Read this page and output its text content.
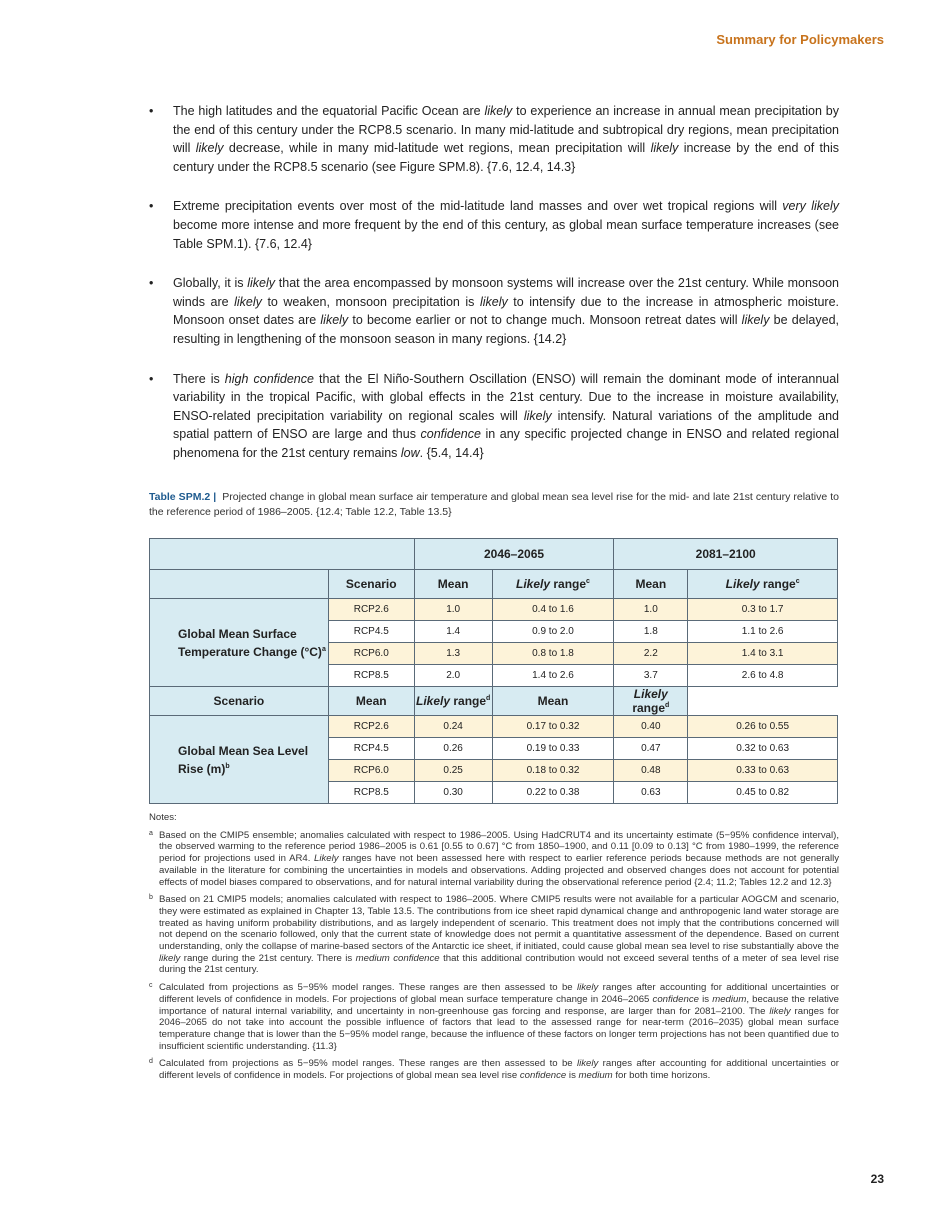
Summary for Policymakers
• The high latitudes and the equatorial Pacific Ocean are likely to experience an increase in annual mean precipitation by the end of this century under the RCP8.5 scenario. In many mid-latitude and subtropical dry regions, mean precipitation will likely decrease, while in many mid-latitude wet regions, mean precipitation will likely increase by the end of this century under the RCP8.5 scenario (see Figure SPM.8). {7.6, 12.4, 14.3}
• Extreme precipitation events over most of the mid-latitude land masses and over wet tropical regions will very likely become more intense and more frequent by the end of this century, as global mean surface temperature increases (see Table SPM.1). {7.6, 12.4}
• Globally, it is likely that the area encompassed by monsoon systems will increase over the 21st century. While monsoon winds are likely to weaken, monsoon precipitation is likely to intensify due to the increase in atmospheric moisture. Monsoon onset dates are likely to become earlier or not to change much. Monsoon retreat dates will likely be delayed, resulting in lengthening of the monsoon season in many regions. {14.2}
• There is high confidence that the El Niño-Southern Oscillation (ENSO) will remain the dominant mode of interannual variability in the tropical Pacific, with global effects in the 21st century. Due to the increase in moisture availability, ENSO-related precipitation variability on regional scales will likely intensify. Natural variations of the amplitude and spatial pattern of ENSO are large and thus confidence in any specific projected change in ENSO and related regional phenomena for the 21st century remains low. {5.4, 14.4}
Table SPM.2 | Projected change in global mean surface air temperature and global mean sea level rise for the mid- and late 21st century relative to the reference period of 1986–2005. {12.4; Table 12.2, Table 13.5}
		2046–2065		2081–2100	
	Scenario	Mean	Likely range$^c$	Mean	Likely range$^c$
Global Mean Surface
Temperature Change $(^\circ C)^a$	RCP2.6	1.0	0.4 to 1.6	1.0	0.3 to 1.7
	RCP4.5	1.4	0.9 to 2.0	1.8	1.1 to 2.6
	RCP6.0	1.3	0.8 to 1.8	2.2	1.4 to 3.1
	RCP8.5	2.0	1.4 to 2.6	3.7	2.6 to 4.8
Scenario	Mean	Likely range$^d$	Mean	Likely range$^d$
Global Mean Sea Level
Rise $(m)^b$	RCP2.6	0.24	0.17 to 0.32	0.40	0.26 to 0.55
	RCP4.5	0.26	0.19 to 0.33	0.47	0.32 to 0.63
	RCP6.0	0.25	0.18 to 0.32	0.48	0.33 to 0.63
	RCP8.5	0.30	0.22 to 0.38	0.63	0.45 to 0.82
Notes:
a Based on the CMIP5 ensemble; anomalies calculated with respect to 1986–2005. Using HadCRUT4 and its uncertainty estimate (5−95% confidence interval), the observed warming to the reference period 1986–2005 is 0.61 [0.55 to 0.67] °C from 1850–1900, and 0.11 [0.09 to 0.13] °C from 1980–1999, the reference period for projections used in AR4. Likely ranges have not been assessed here with respect to earlier reference periods because methods are not generally available in the literature for combining the uncertainties in models and observations. Adding projected and observed changes does not account for potential effects of model biases compared to observations, and for natural internal variability during the observational reference period {2.4; 11.2; Tables 12.2 and 12.3}
b Based on 21 CMIP5 models; anomalies calculated with respect to 1986–2005. Where CMIP5 results were not available for a particular AOGCM and scenario, they were estimated as explained in Chapter 13, Table 13.5. The contributions from ice sheet rapid dynamical change and anthropogenic land water storage are treated as having uniform probability distributions, and as largely independent of scenario. This treatment does not imply that the contributions concerned will not depend on the scenario followed, only that the current state of knowledge does not permit a quantitative assessment of the dependence. Based on current understanding, only the collapse of marine-based sectors of the Antarctic ice sheet, if initiated, could cause global mean sea level to rise substantially above the likely range during the 21st century. There is medium confidence that this additional contribution would not exceed several tenths of a meter of sea level rise during the 21st century.
c Calculated from projections as 5−95% model ranges. These ranges are then assessed to be likely ranges after accounting for additional uncertainties or different levels of confidence in models. For projections of global mean surface temperature change in 2046–2065 confidence is medium, because the relative importance of natural internal variability, and uncertainty in non-greenhouse gas forcing and response, are larger than for 2081–2100. The likely ranges for 2046–2065 do not take into account the possible influence of factors that lead to the assessed range for near-term (2016–2035) global mean surface temperature change that is lower than the 5−95% model range, because the influence of these factors on longer term projections has not been quantified due to insufficient scientific understanding. {11.3}
d Calculated from projections as 5−95% model ranges. These ranges are then assessed to be likely ranges after accounting for additional uncertainties or different levels of confidence in models. For projections of global mean sea level rise confidence is medium for both time horizons.
23
